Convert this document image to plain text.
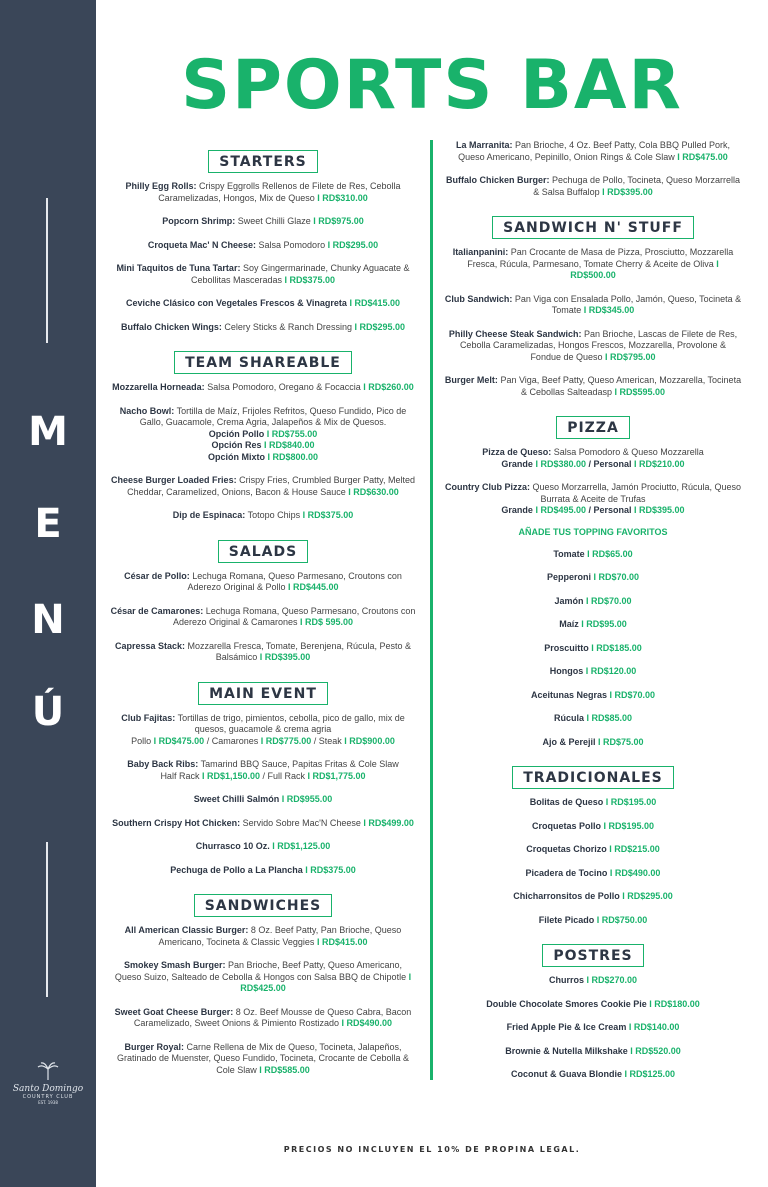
M
E
N
Ú
Santo Domingo
COUNTRY CLUB
EST. 1938
SPORTS BAR
STARTERS
Philly Egg Rolls: Crispy Eggrolls Rellenos de Filete de Res, Cebolla Caramelizadas, Hongos, Mix de Queso I RD$310.00
Popcorn Shrimp: Sweet Chilli Glaze I RD$975.00
Croqueta Mac' N Cheese: Salsa Pomodoro I RD$295.00
Mini Taquitos de Tuna Tartar: Soy Gingermarinade, Chunky Aguacate & Cebollitas Masceradas I RD$375.00
Ceviche Clásico con Vegetales Frescos & Vinagreta I RD$415.00
Buffalo Chicken Wings: Celery Sticks & Ranch Dressing I RD$295.00
TEAM SHAREABLE
Mozzarella Horneada: Salsa Pomodoro, Oregano & Focaccia I RD$260.00
Nacho Bowl: Tortilla de Maíz, Frijoles Refritos, Queso Fundido, Pico de Gallo, Guacamole, Crema Agria, Jalapeños & Mix de Quesos.
Opción Pollo I RD$755.00
Opción Res I RD$840.00
Opción Mixto I RD$800.00
Cheese Burger Loaded Fries: Crispy Fries, Crumbled Burger Patty, Melted Cheddar, Caramelized, Onions, Bacon & House Sauce I RD$630.00
Dip de Espinaca: Totopo Chips I RD$375.00
SALADS
César de Pollo: Lechuga Romana, Queso Parmesano, Croutons con Aderezo Original & Pollo I RD$445.00
César de Camarones: Lechuga Romana, Queso Parmesano, Croutons con Aderezo Original & Camarones I RD$ 595.00
Capressa Stack: Mozzarella Fresca, Tomate, Berenjena, Rúcula, Pesto & Balsámico I RD$395.00
MAIN EVENT
Club Fajitas: Tortillas de trigo, pimientos, cebolla, pico de gallo, mix de quesos, guacamole & crema agria
Pollo I RD$475.00 / Camarones I RD$775.00 / Steak I RD$900.00
Baby Back Ribs: Tamarind BBQ Sauce, Papitas Fritas & Cole Slaw
Half Rack I RD$1,150.00 / Full Rack I RD$1,775.00
Sweet Chilli Salmón I RD$955.00
Southern Crispy Hot Chicken: Servido Sobre Mac'N Cheese I RD$499.00
Churrasco 10 Oz. I RD$1,125.00
Pechuga de Pollo a La Plancha I RD$375.00
SANDWICHES
All American Classic Burger: 8 Oz. Beef Patty, Pan Brioche, Queso Americano, Tocineta & Classic Veggies I RD$415.00
Smokey Smash Burger: Pan Brioche, Beef Patty, Queso Americano, Queso Suizo, Salteado de Cebolla & Hongos con Salsa BBQ de Chipotle I RD$425.00
Sweet Goat Cheese Burger: 8 Oz. Beef Mousse de Queso Cabra, Bacon Caramelizado, Sweet Onions & Pimiento Rostizado I RD$490.00
Burger Royal: Carne Rellena de Mix de Queso, Tocineta, Jalapeños, Gratinado de Muenster, Queso Fundido, Tocineta, Crocante de Cebolla & Cole Slaw I RD$585.00
La Marranita: Pan Brioche, 4 Oz. Beef Patty, Cola BBQ Pulled Pork, Queso Americano, Pepinillo, Onion Rings & Cole Slaw I RD$475.00
Buffalo Chicken Burger: Pechuga de Pollo, Tocineta, Queso Morzarrella & Salsa Buffalop I RD$395.00
SANDWICH N' STUFF
Italianpanini: Pan Crocante de Masa de Pizza, Prosciutto, Mozzarella Fresca, Rúcula, Parmesano, Tomate Cherry & Aceite de Oliva I RD$500.00
Club Sandwich: Pan Viga con Ensalada Pollo, Jamón, Queso, Tocineta & Tomate I RD$345.00
Philly Cheese Steak Sandwich: Pan Brioche, Lascas de Filete de Res, Cebolla Caramelizadas, Hongos Frescos, Mozzarella, Provolone & Fondue de Queso I RD$795.00
Burger Melt: Pan Viga, Beef Patty, Queso American, Mozzarella, Tocineta & Cebollas Salteadasp I RD$595.00
PIZZA
Pizza de Queso: Salsa Pomodoro & Queso Mozzarella
Grande I RD$380.00 / Personal I RD$210.00
Country Club Pizza: Queso Morzarrella, Jamón Prociutto, Rúcula, Queso Burrata & Aceite de Trufas
Grande I RD$495.00 / Personal I RD$395.00
AÑADE TUS TOPPING FAVORITOS
Tomate I RD$65.00
Pepperoni I RD$70.00
Jamón I RD$70.00
Maíz I RD$95.00
Proscuitto I RD$185.00
Hongos I RD$120.00
Aceitunas Negras I RD$70.00
Rúcula I RD$85.00
Ajo & Perejil I RD$75.00
TRADICIONALES
Bolitas de Queso I RD$195.00
Croquetas Pollo I RD$195.00
Croquetas Chorizo I RD$215.00
Picadera de Tocino I RD$490.00
Chicharronsitos de Pollo I RD$295.00
Filete Picado I RD$750.00
POSTRES
Churros I RD$270.00
Double Chocolate Smores Cookie Pie I RD$180.00
Fried Apple Pie & Ice Cream I RD$140.00
Brownie & Nutella Milkshake I RD$520.00
Coconut & Guava Blondie I RD$125.00
PRECIOS NO INCLUYEN EL 10% DE PROPINA LEGAL.
